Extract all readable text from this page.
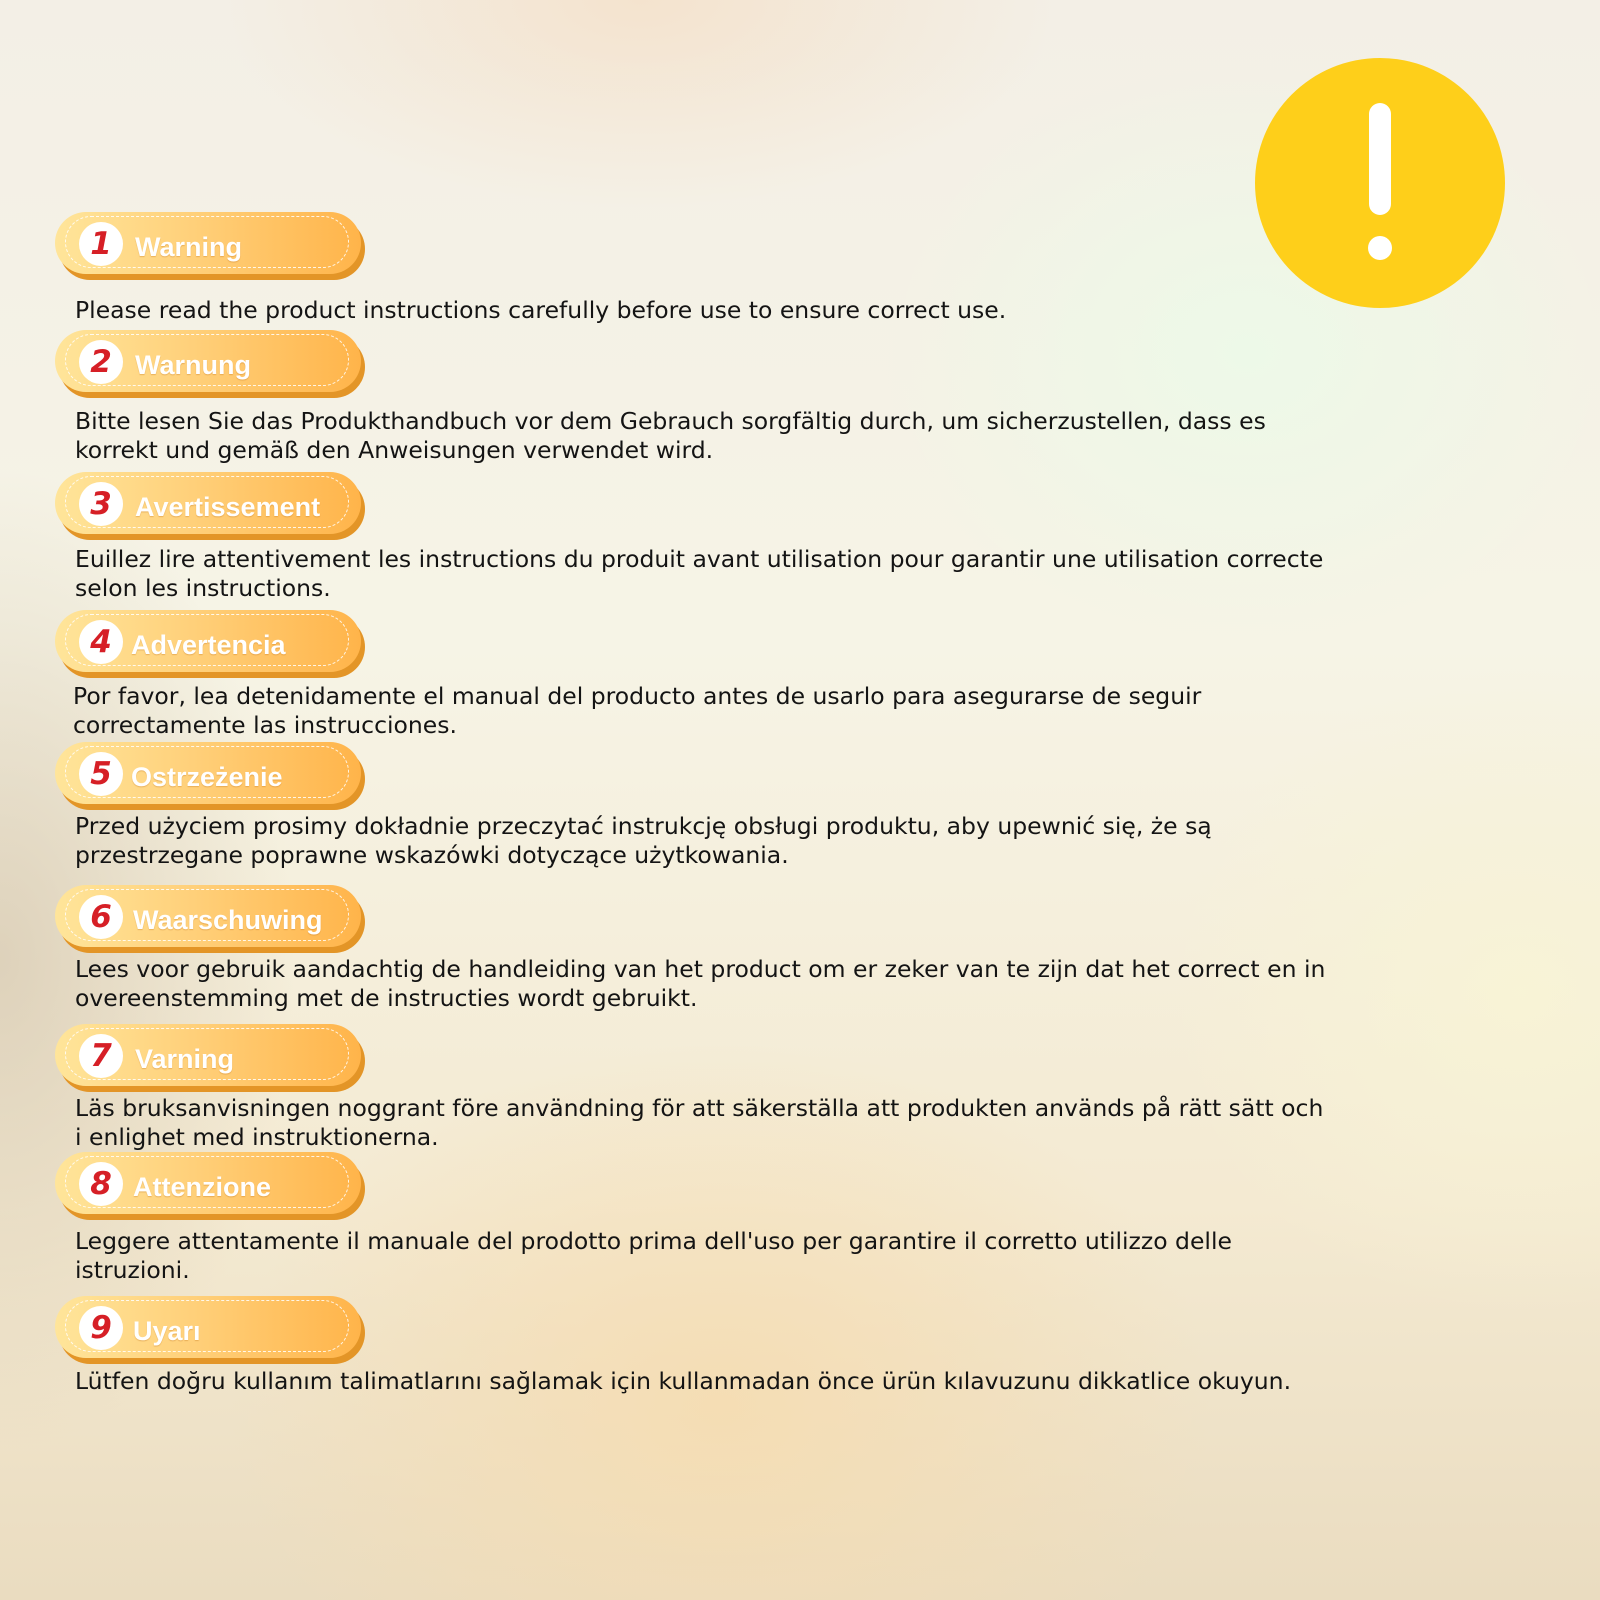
1 Warning

Please read the product instructions carefully before use to ensure correct use.

2 Warnung

Bitte lesen Sie das Produkthandbuch vor dem Gebrauch sorgfältig durch, um sicherzustellen, dass es korrekt und gemäß den Anweisungen verwendet wird.

3 Avertissement

Euillez lire attentivement les instructions du produit avant utilisation pour garantir une utilisation correcte selon les instructions.

4 Advertencia

Por favor, lea detenidamente el manual del producto antes de usarlo para asegurarse de seguir correctamente las instrucciones.

5 Ostrzeżenie

Przed użyciem prosimy dokładnie przeczytać instrukcję obsługi produktu, aby upewnić się, że są przestrzegane poprawne wskazówki dotyczące użytkowania.

6 Waarschuwing

Lees voor gebruik aandachtig de handleiding van het product om er zeker van te zijn dat het correct en in overeenstemming met de instructies wordt gebruikt.

7 Varning

Läs bruksanvisningen noggrant före användning för att säkerställa att produkten används på rätt sätt och i enlighet med instruktionerna.

8 Attenzione

Leggere attentamente il manuale del prodotto prima dell'uso per garantire il corretto utilizzo delle istruzioni.

9 Uyarı

Lütfen doğru kullanım talimatlarını sağlamak için kullanmadan önce ürün kılavuzunu dikkatlice okuyun.
